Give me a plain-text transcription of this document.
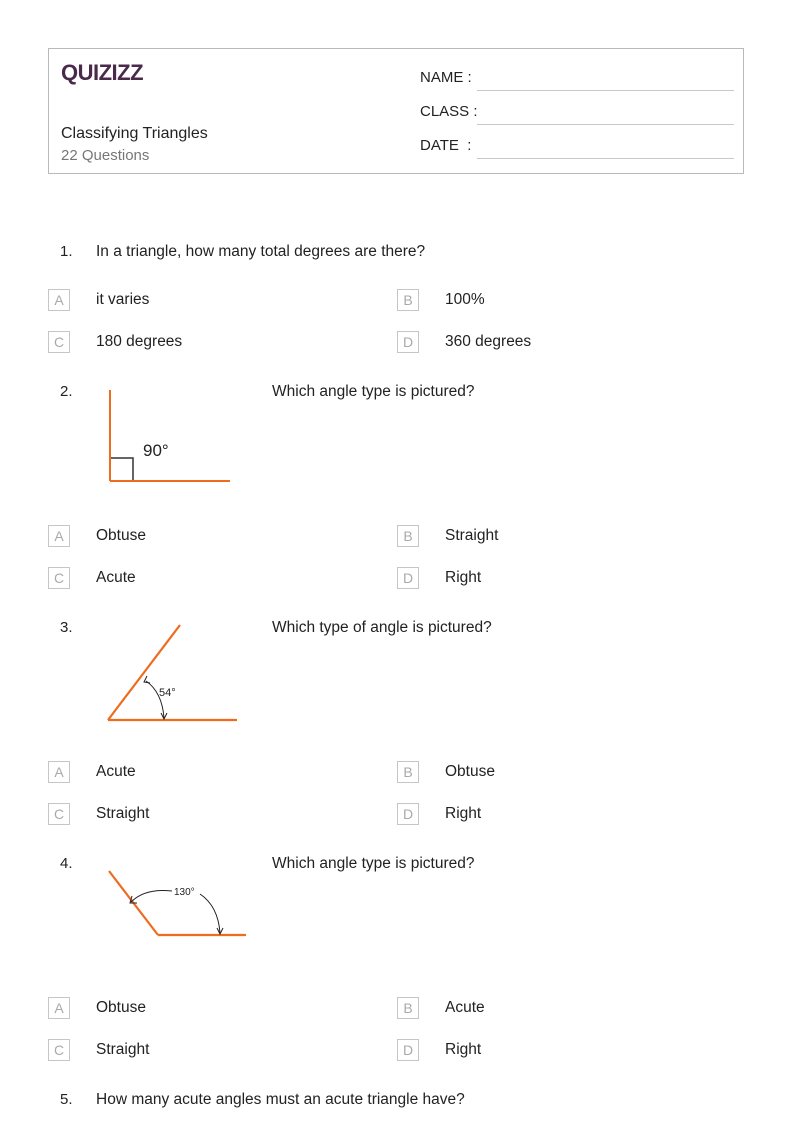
QUIZIZZ
Classifying Triangles
22 Questions
NAME :
CLASS :
DATE  :
1. In a triangle, how many total degrees are there?
A	it varies	B	100%
C	180 degrees	D	360 degrees
2.
90°
Which angle type is pictured?
A	Obtuse	B	Straight
C	Acute	D	Right
3.
54°
Which type of angle is pictured?
A	Acute	B	Obtuse
C	Straight	D	Right
4.
130°
Which angle type is pictured?
A	Obtuse	B	Acute
C	Straight	D	Right
5. How many acute angles must an acute triangle have?
